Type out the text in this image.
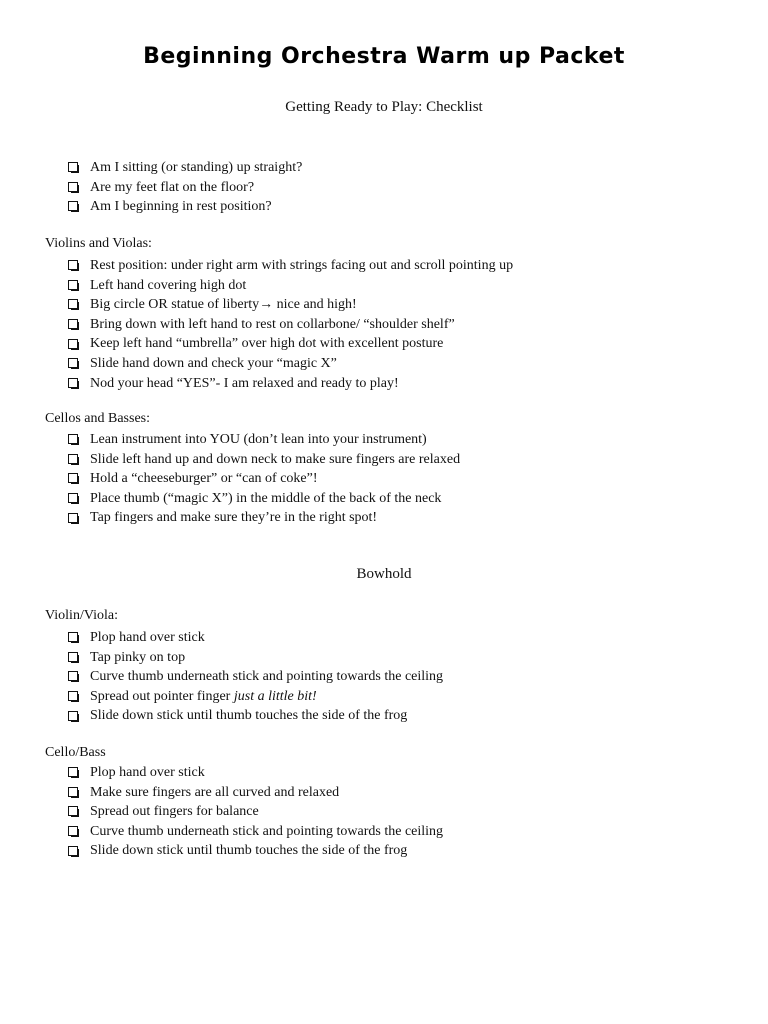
Beginning Orchestra Warm up Packet
Getting Ready to Play: Checklist
Am I sitting (or standing) up straight?
Are my feet flat on the floor?
Am I beginning in rest position?

Violins and Violas:

Rest position: under right arm with strings facing out and scroll pointing up
Left hand covering high dot
Big circle OR statue of liberty→ nice and high!
Bring down with left hand to rest on collarbone/ “shoulder shelf”
Keep left hand “umbrella” over high dot with excellent posture
Slide hand down and check your “magic X”
Nod your head “YES”- I am relaxed and ready to play!

Cellos and Basses:

Lean instrument into YOU (don’t lean into your instrument)
Slide left hand up and down neck to make sure fingers are relaxed
Hold a “cheeseburger” or “can of coke”!
Place thumb (“magic X”) in the middle of the back of the neck
Tap fingers and make sure they’re in the right spot!
Bowhold

Violin/Viola:

Plop hand over stick
Tap pinky on top
Curve thumb underneath stick and pointing towards the ceiling
Spread out pointer finger just a little bit!
Slide down stick until thumb touches the side of the frog

Cello/Bass

Plop hand over stick
Make sure fingers are all curved and relaxed
Spread out fingers for balance
Curve thumb underneath stick and pointing towards the ceiling
Slide down stick until thumb touches the side of the frog
